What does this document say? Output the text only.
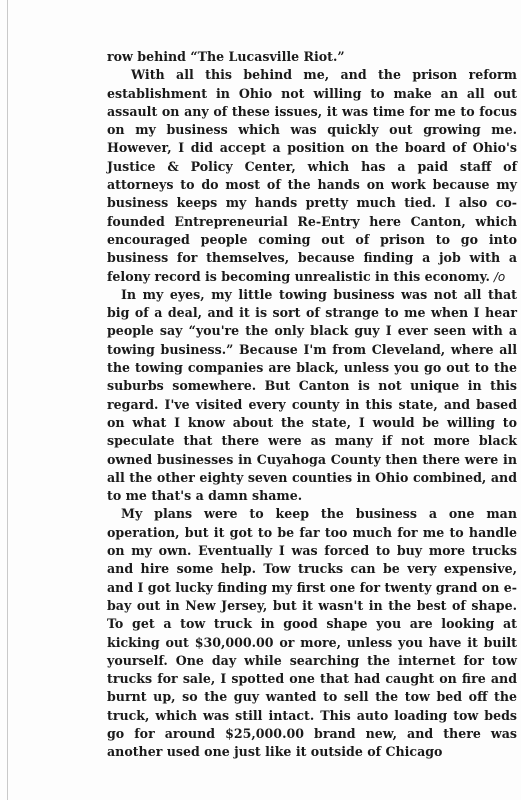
row behind “The Lucasville Riot.”

With all this behind me, and the prison reform establishment in Ohio not willing to make an all out assault on any of these issues, it was time for me to focus on my business which was quickly out growing me. However, I did accept a position on the board of Ohio's Justice & Policy Center, which has a paid staff of attorneys to do most of the hands on work because my business keeps my hands pretty much tied. I also co-founded Entrepreneurial Re-Entry here Canton, which encouraged people coming out of prison to go into business for themselves, because finding a job with a felony record is becoming unrealistic in this economy. /o

In my eyes, my little towing business was not all that big of a deal, and it is sort of strange to me when I hear people say “you're the only black guy I ever seen with a towing business.” Because I'm from Cleveland, where all the towing companies are black, unless you go out to the suburbs somewhere. But Canton is not unique in this regard. I've visited every county in this state, and based on what I know about the state, I would be willing to speculate that there were as many if not more black owned businesses in Cuyahoga County then there were in all the other eighty seven counties in Ohio combined, and to me that's a damn shame.

My plans were to keep the business a one man operation, but it got to be far too much for me to handle on my own. Eventually I was forced to buy more trucks and hire some help. Tow trucks can be very expensive, and I got lucky finding my first one for twenty grand on e-bay out in New Jersey, but it wasn't in the best of shape. To get a tow truck in good shape you are looking at kicking out $30,000.00 or more, unless you have it built yourself. One day while searching the internet for tow trucks for sale, I spotted one that had caught on fire and burnt up, so the guy wanted to sell the tow bed off the truck, which was still intact. This auto loading tow beds go for around $25,000.00 brand new, and there was another used one just like it outside of Chicago
